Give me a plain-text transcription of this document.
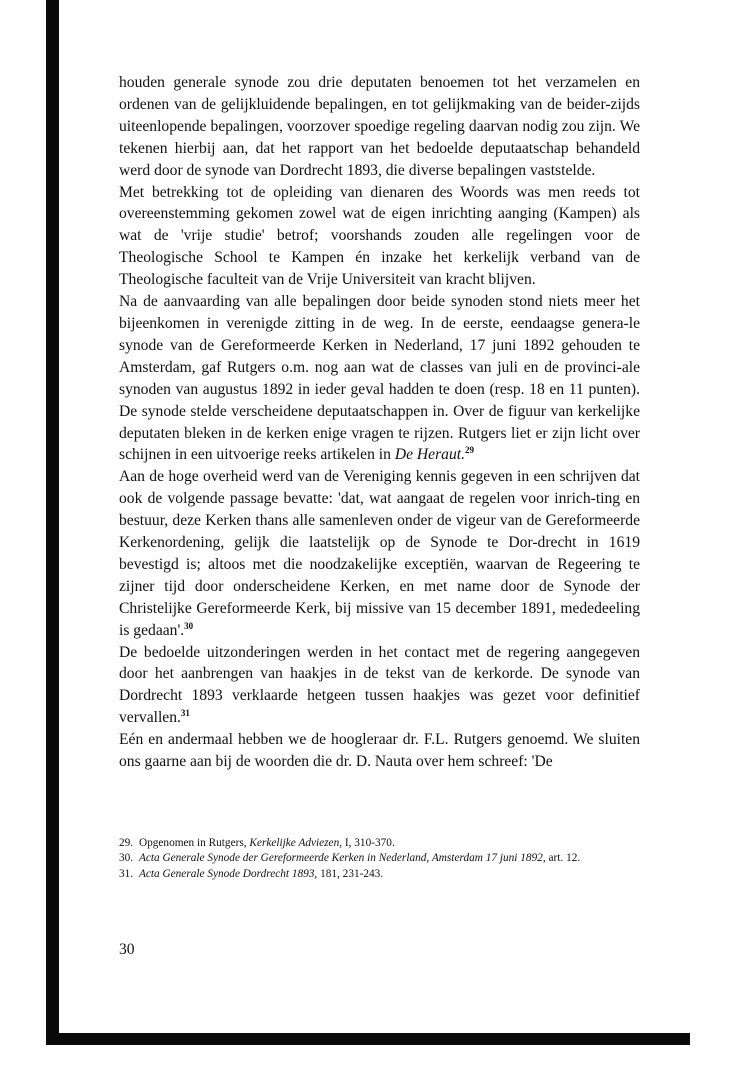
houden generale synode zou drie deputaten benoemen tot het verzamelen en ordenen van de gelijkluidende bepalingen, en tot gelijkmaking van de beider-zijds uiteenlopende bepalingen, voorzover spoedige regeling daarvan nodig zou zijn. We tekenen hierbij aan, dat het rapport van het bedoelde deputaatschap behandeld werd door de synode van Dordrecht 1893, die diverse bepalingen vaststelde.

Met betrekking tot de opleiding van dienaren des Woords was men reeds tot overeenstemming gekomen zowel wat de eigen inrichting aanging (Kampen) als wat de 'vrije studie' betrof; voorshands zouden alle regelingen voor de Theologische School te Kampen én inzake het kerkelijk verband van de Theologische faculteit van de Vrije Universiteit van kracht blijven.

Na de aanvaarding van alle bepalingen door beide synoden stond niets meer het bijeenkomen in verenigde zitting in de weg. In de eerste, eendaagse genera-le synode van de Gereformeerde Kerken in Nederland, 17 juni 1892 gehouden te Amsterdam, gaf Rutgers o.m. nog aan wat de classes van juli en de provinci-ale synoden van augustus 1892 in ieder geval hadden te doen (resp. 18 en 11 punten). De synode stelde verscheidene deputaatschappen in. Over de figuur van kerkelijke deputaten bleken in de kerken enige vragen te rijzen. Rutgers liet er zijn licht over schijnen in een uitvoerige reeks artikelen in De Heraut.$^{29}$

Aan de hoge overheid werd van de Vereniging kennis gegeven in een schrijven dat ook de volgende passage bevatte: 'dat, wat aangaat de regelen voor inrich-ting en bestuur, deze Kerken thans alle samenleven onder de vigeur van de Gereformeerde Kerkenordening, gelijk die laatstelijk op de Synode te Dor-drecht in 1619 bevestigd is; altoos met die noodzakelijke exceptiën, waarvan de Regeering te zijner tijd door onderscheidene Kerken, en met name door de Synode der Christelijke Gereformeerde Kerk, bij missive van 15 december 1891, mededeeling is gedaan'.$^{30}$

De bedoelde uitzonderingen werden in het contact met de regering aangegeven door het aanbrengen van haakjes in de tekst van de kerkorde. De synode van Dordrecht 1893 verklaarde hetgeen tussen haakjes was gezet voor definitief vervallen.$^{31}$

Eén en andermaal hebben we de hoogleraar dr. F.L. Rutgers genoemd. We sluiten ons gaarne aan bij de woorden die dr. D. Nauta over hem schreef: 'De

29. Opgenomen in Rutgers, Kerkelijke Adviezen, I, 310-370.

30. Acta Generale Synode der Gereformeerde Kerken in Nederland, Amsterdam 17 juni 1892, art. 12.

31. Acta Generale Synode Dordrecht 1893, 181, 231-243.

30
